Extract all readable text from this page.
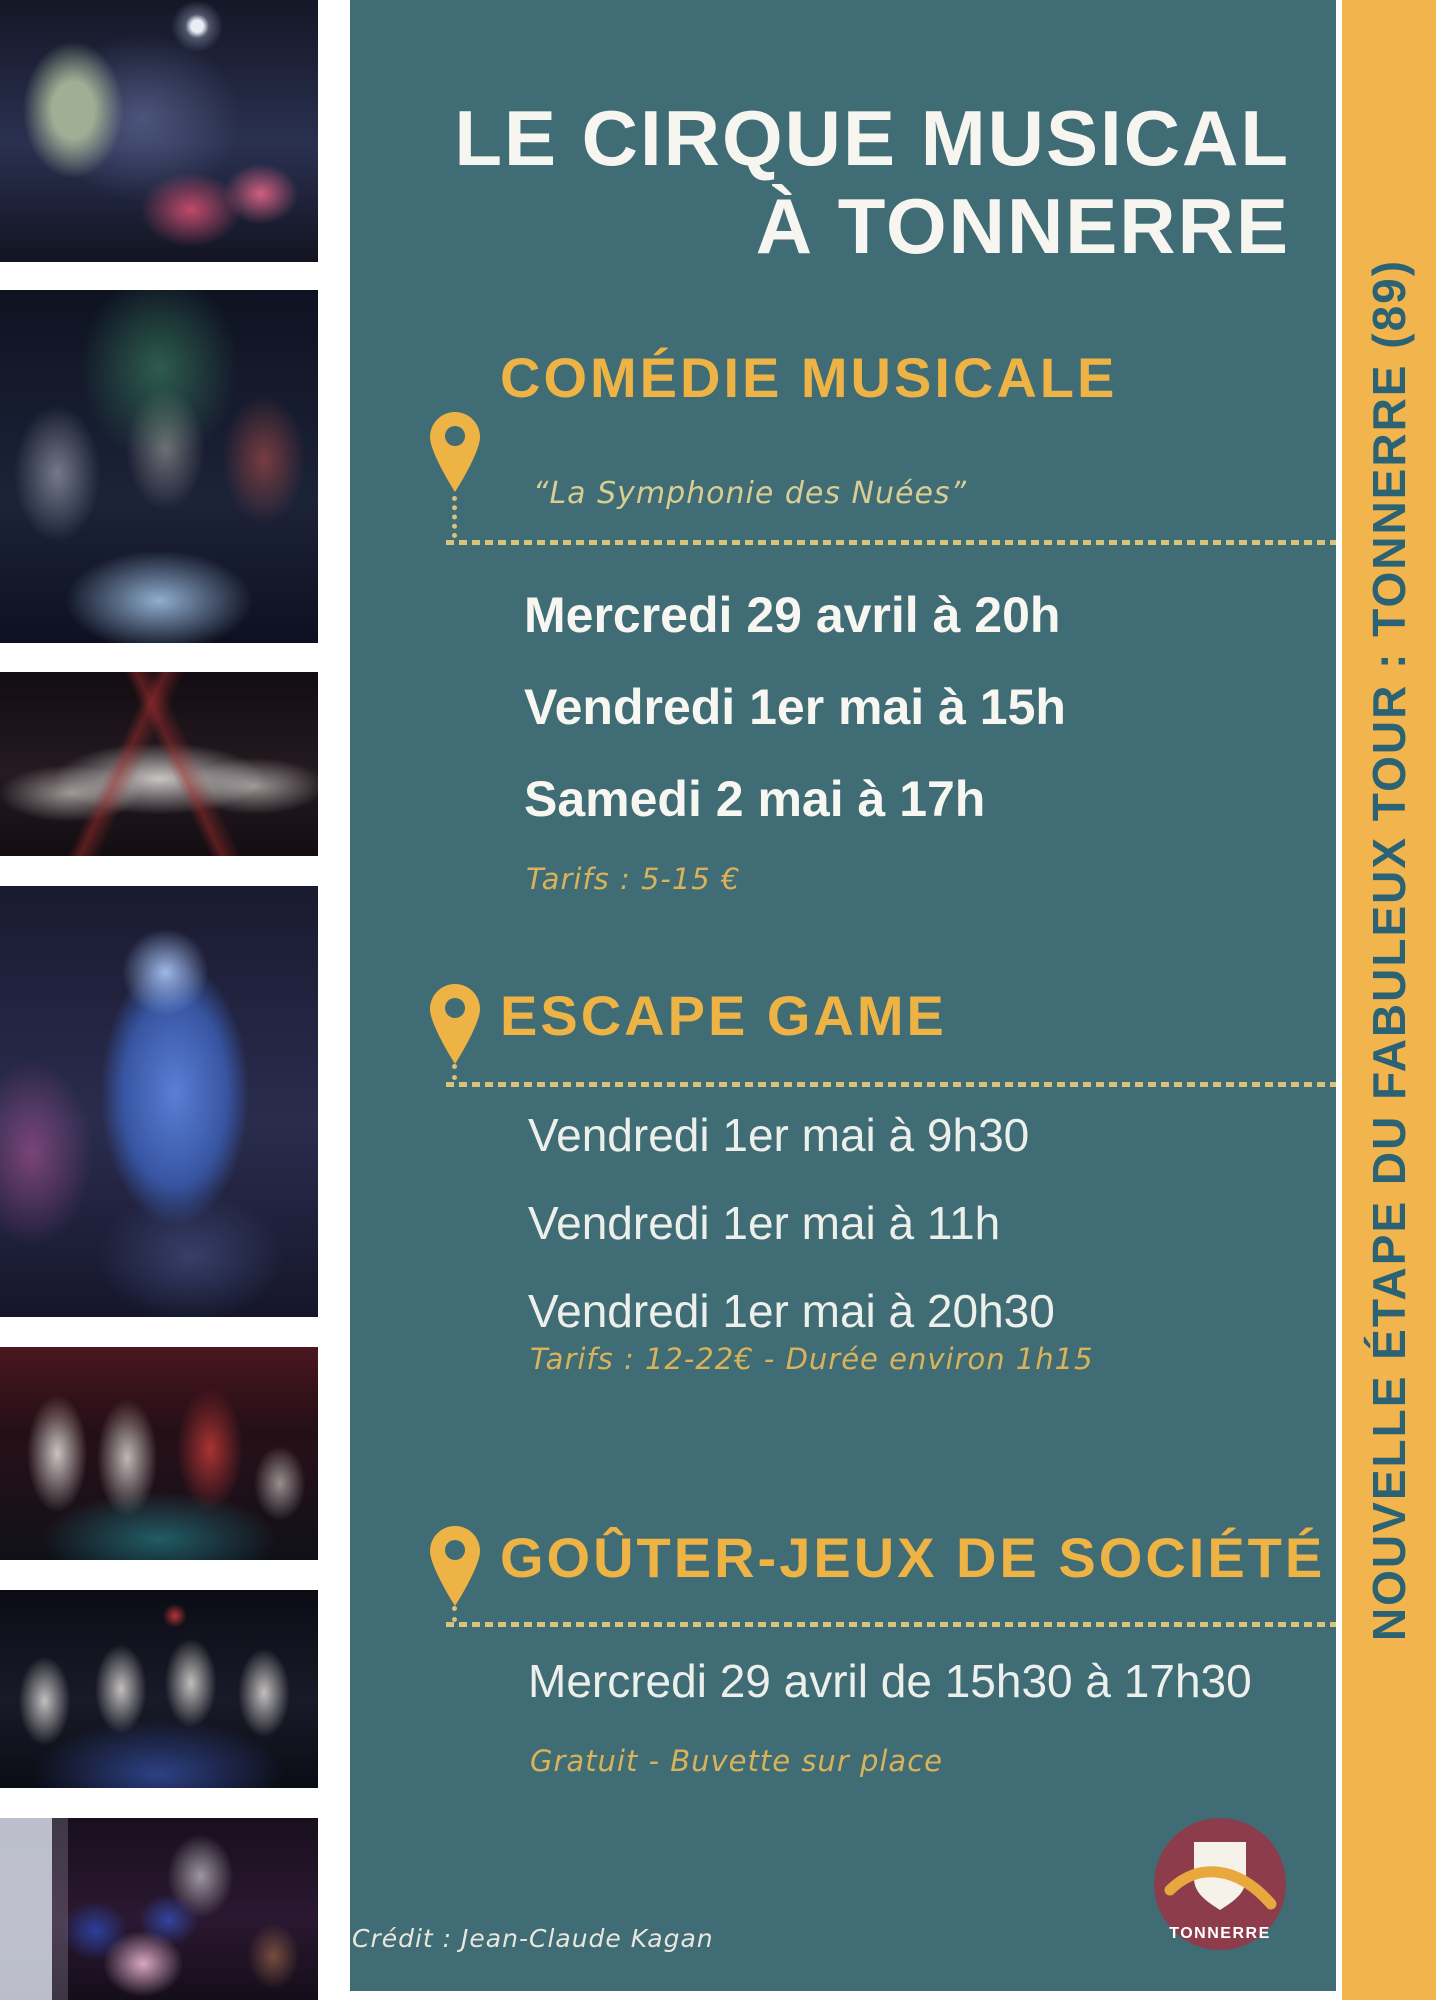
LE CIRQUE MUSICAL
À TONNERRE
COMÉDIE MUSICALE
“La Symphonie des Nuées”
Mercredi 29 avril à 20h
Vendredi 1er mai à 15h
Samedi 2 mai à 17h
Tarifs : 5-15 €
ESCAPE GAME
Vendredi 1er mai à 9h30
Vendredi 1er mai à 11h
Vendredi 1er mai à 20h30
Tarifs : 12-22€ - Durée environ 1h15
GOÛTER-JEUX DE SOCIÉTÉ
Mercredi 29 avril de 15h30 à 17h30
Gratuit - Buvette sur place
Crédit : Jean-Claude Kagan	TONNERRE
NOUVELLE ÉTAPE DU FABULEUX TOUR : TONNERRE (89)
